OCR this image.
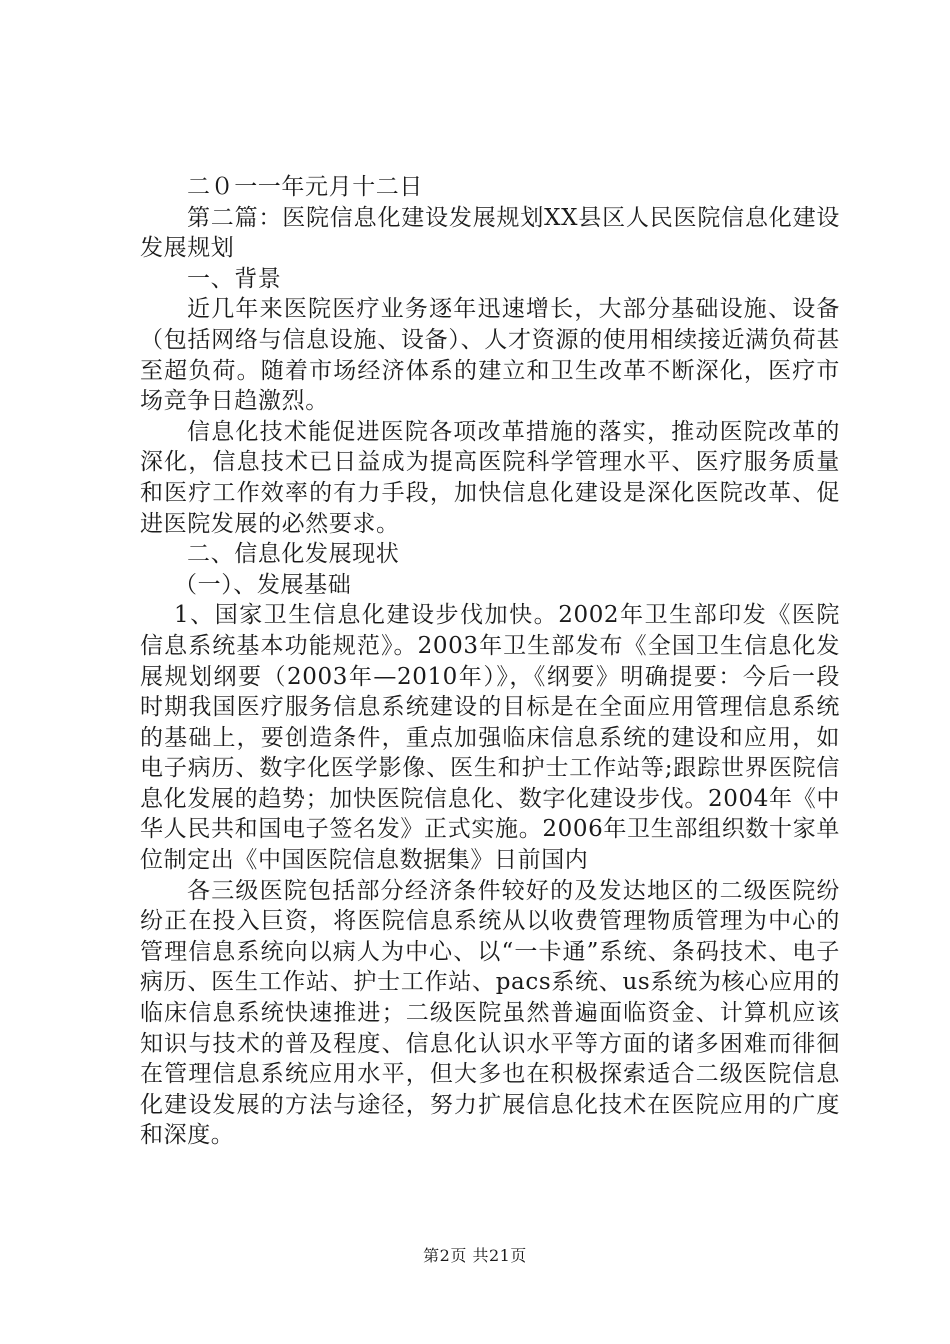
二０一一年元月十二日

第二篇：医院信息化建设发展规划XX县区人民医院信息化建设发展规划

一、背景

近几年来医院医疗业务逐年迅速增长，大部分基础设施、设备（包括网络与信息设施、设备）、人才资源的使用相续接近满负荷甚至超负荷。随着市场经济体系的建立和卫生改革不断深化，医疗市场竞争日趋激烈。

信息化技术能促进医院各项改革措施的落实，推动医院改革的深化，信息技术已日益成为提高医院科学管理水平、医疗服务质量和医疗工作效率的有力手段，加快信息化建设是深化医院改革、促进医院发展的必然要求。

二、信息化发展现状

（一）、发展基础

1、国家卫生信息化建设步伐加快。2002年卫生部印发《医院信息系统基本功能规范》。2003年卫生部发布《全国卫生信息化发展规划纲要（2003年—2010年）》，《纲要》明确提要：今后一段时期我国医疗服务信息系统建设的目标是在全面应用管理信息系统的基础上，要创造条件，重点加强临床信息系统的建设和应用，如电子病历、数字化医学影像、医生和护士工作站等;跟踪世界医院信息化发展的趋势；加快医院信息化、数字化建设步伐。2004年《中华人民共和国电子签名发》正式实施。2006年卫生部组织数十家单位制定出《中国医院信息数据集》日前国内

各三级医院包括部分经济条件较好的及发达地区的二级医院纷纷正在投入巨资，将医院信息系统从以收费管理物质管理为中心的管理信息系统向以病人为中心、以“一卡通”系统、条码技术、电子病历、医生工作站、护士工作站、pacs系统、us系统为核心应用的临床信息系统快速推进；二级医院虽然普遍面临资金、计算机应该知识与技术的普及程度、信息化认识水平等方面的诸多困难而徘徊在管理信息系统应用水平，但大多也在积极探索适合二级医院信息化建设发展的方法与途径，努力扩展信息化技术在医院应用的广度和深度。

第2页 共21页
